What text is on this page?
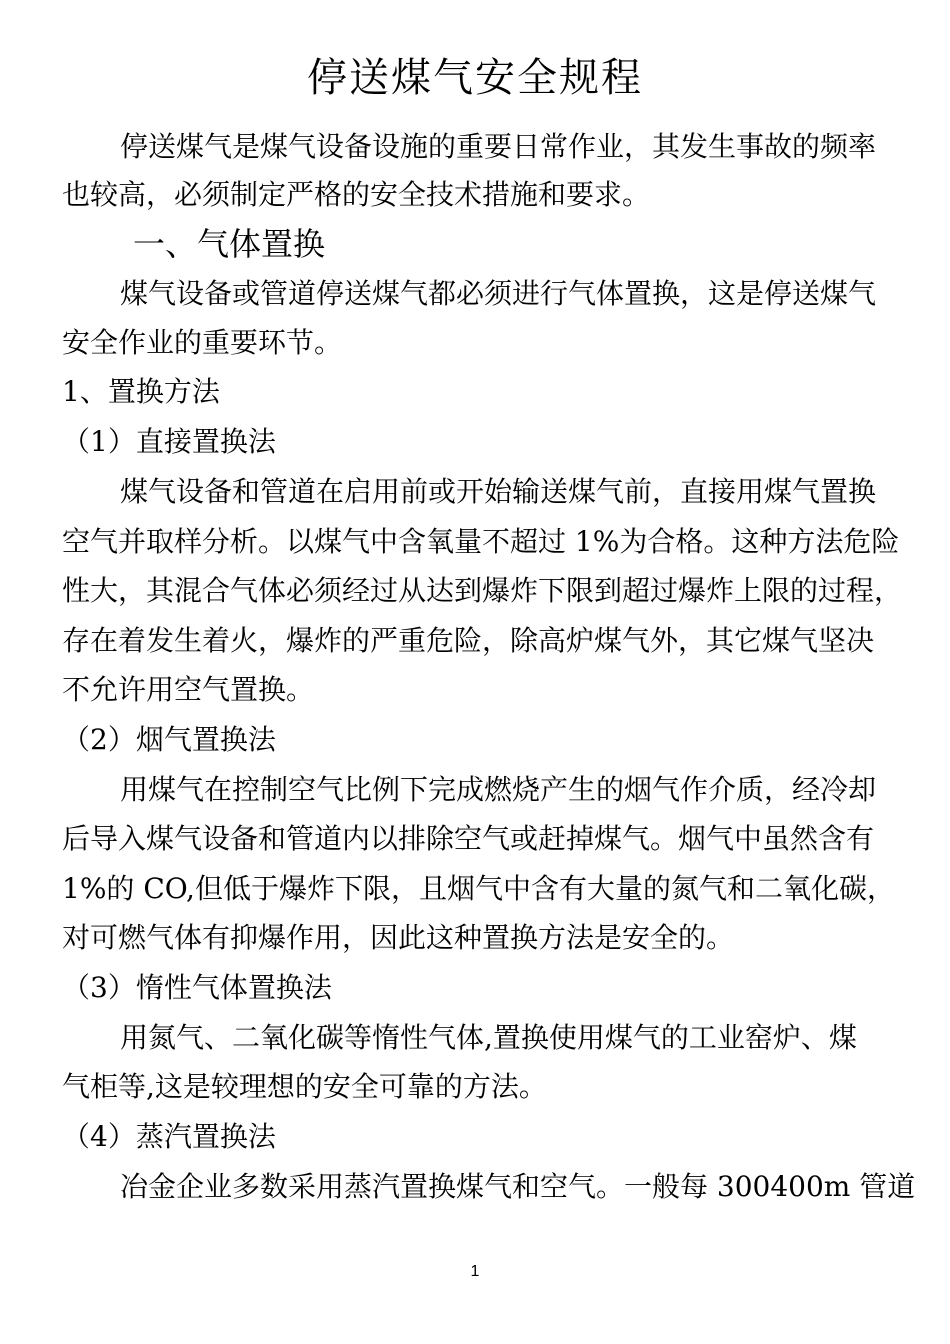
停送煤气安全规程
停送煤气是煤气设备设施的重要日常作业，其发生事故的频率
也较高，必须制定严格的安全技术措施和要求。
一、气体置换
煤气设备或管道停送煤气都必须进行气体置换，这是停送煤气
安全作业的重要环节。
1、置换方法
（1）直接置换法
煤气设备和管道在启用前或开始输送煤气前，直接用煤气置换
空气并取样分析。以煤气中含氧量不超过 1%为合格。这种方法危险
性大，其混合气体必须经过从达到爆炸下限到超过爆炸上限的过程，
存在着发生着火，爆炸的严重危险，除高炉煤气外，其它煤气坚决
不允许用空气置换。
（2）烟气置换法
用煤气在控制空气比例下完成燃烧产生的烟气作介质，经冷却
后导入煤气设备和管道内以排除空气或赶掉煤气。烟气中虽然含有
1%的 CO,但低于爆炸下限，且烟气中含有大量的氮气和二氧化碳，
对可燃气体有抑爆作用，因此这种置换方法是安全的。
（3）惰性气体置换法
用氮气、二氧化碳等惰性气体,置换使用煤气的工业窑炉、煤
气柜等,这是较理想的安全可靠的方法。
（4）蒸汽置换法
冶金企业多数采用蒸汽置换煤气和空气。一般每 300400m 管道
1
